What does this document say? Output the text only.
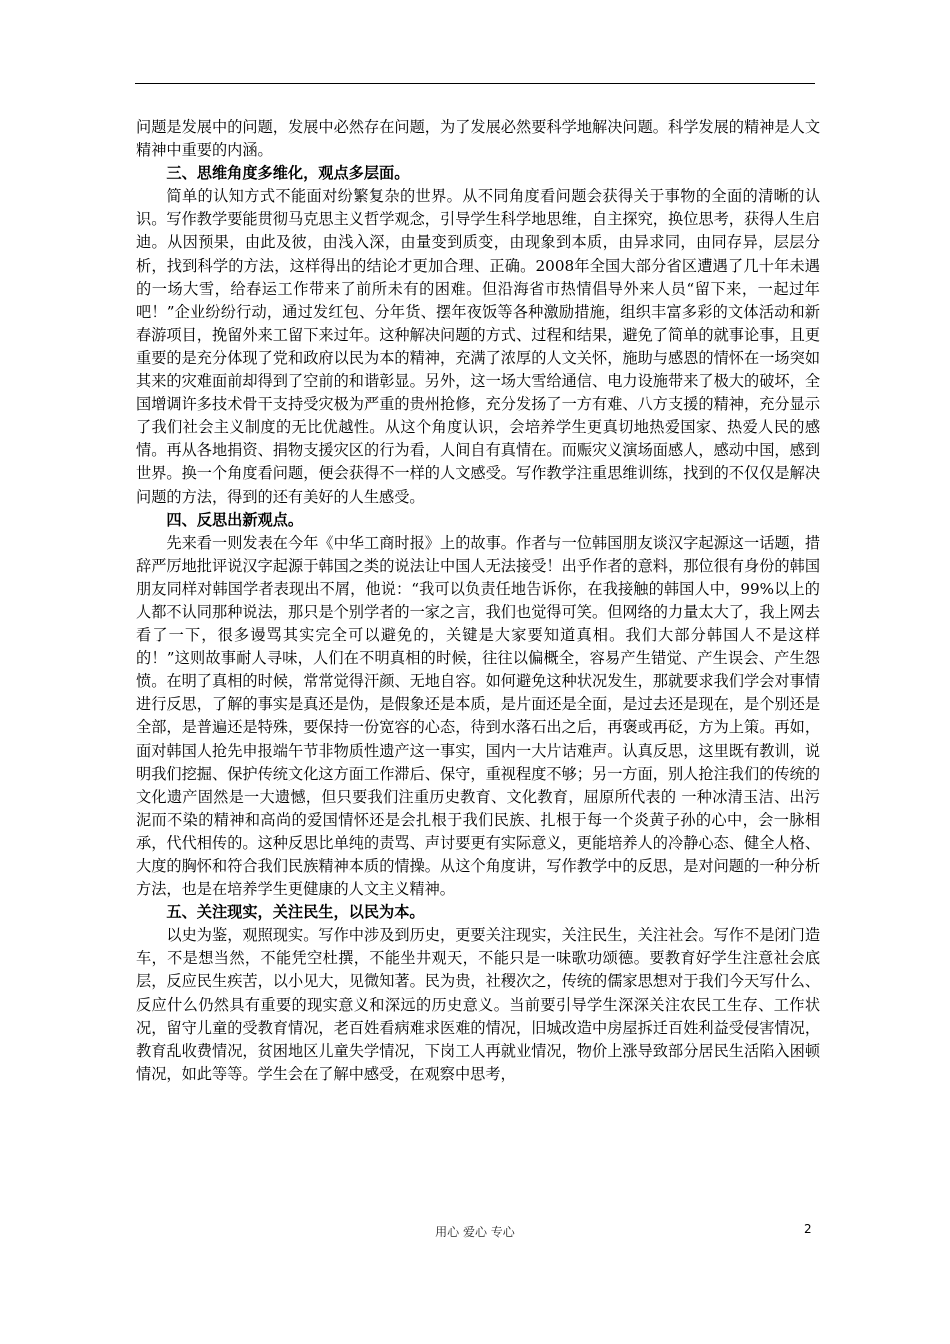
问题是发展中的问题，发展中必然存在问题，为了发展必然要科学地解决问题。科学发展的精神是人文精神中重要的内涵。

三、思维角度多维化，观点多层面。

简单的认知方式不能面对纷繁复杂的世界。从不同角度看问题会获得关于事物的全面的清晰的认识。写作教学要能贯彻马克思主义哲学观念，引导学生科学地思维，自主探究，换位思考，获得人生启迪。从因预果，由此及彼，由浅入深，由量变到质变，由现象到本质，由异求同，由同存异，层层分析，找到科学的方法，这样得出的结论才更加合理、正确。2008年全国大部分省区遭遇了几十年未遇的一场大雪，给春运工作带来了前所未有的困难。但沿海省市热情倡导外来人员“留下来，一起过年吧！”企业纷纷行动，通过发红包、分年货、摆年夜饭等各种激励措施，组织丰富多彩的文体活动和新春游项目，挽留外来工留下来过年。这种解决问题的方式、过程和结果，避免了简单的就事论事，且更重要的是充分体现了党和政府以民为本的精神，充满了浓厚的人文关怀，施助与感恩的情怀在一场突如其来的灾难面前却得到了空前的和谐彰显。另外，这一场大雪给通信、电力设施带来了极大的破坏，全国增调许多技术骨干支持受灾极为严重的贵州抢修，充分发扬了一方有难、八方支援的精神，充分显示了我们社会主义制度的无比优越性。从这个角度认识，会培养学生更真切地热爱国家、热爱人民的感情。再从各地捐资、捐物支援灾区的行为看，人间自有真情在。而赈灾义演场面感人，感动中国，感到世界。换一个角度看问题，便会获得不一样的人文感受。写作教学注重思维训练，找到的不仅仅是解决问题的方法，得到的还有美好的人生感受。

四、反思出新观点。

先来看一则发表在今年《中华工商时报》上的故事。作者与一位韩国朋友谈汉字起源这一话题，措辞严厉地批评说汉字起源于韩国之类的说法让中国人无法接受！出乎作者的意料，那位很有身份的韩国朋友同样对韩国学者表现出不屑，他说：“我可以负责任地告诉你，在我接触的韩国人中，99%以上的人都不认同那种说法，那只是个别学者的一家之言，我们也觉得可笑。但网络的力量太大了，我上网去看了一下，很多谩骂其实完全可以避免的，关键是大家要知道真相。我们大部分韩国人不是这样的！”这则故事耐人寻味，人们在不明真相的时候，往往以偏概全，容易产生错觉、产生误会、产生怨愤。在明了真相的时候，常常觉得汗颜、无地自容。如何避免这种状况发生，那就要求我们学会对事情进行反思，了解的事实是真还是伪，是假象还是本质，是片面还是全面，是过去还是现在，是个别还是全部，是普遍还是特殊，要保持一份宽容的心态，待到水落石出之后，再褒或再砭，方为上策。再如，面对韩国人抢先申报端午节非物质性遗产这一事实，国内一大片诘难声。认真反思，这里既有教训，说明我们挖掘、保护传统文化这方面工作滞后、保守，重视程度不够；另一方面，别人抢注我们的传统的文化遗产固然是一大遗憾，但只要我们注重历史教育、文化教育，屈原所代表的 一种冰清玉洁、出污泥而不染的精神和高尚的爱国情怀还是会扎根于我们民族、扎根于每一个炎黄子孙的心中，会一脉相承，代代相传的。这种反思比单纯的责骂、声讨要更有实际意义，更能培养人的冷静心态、健全人格、大度的胸怀和符合我们民族精神本质的情操。从这个角度讲，写作教学中的反思，是对问题的一种分析方法，也是在培养学生更健康的人文主义精神。

五、关注现实，关注民生，以民为本。

以史为鉴，观照现实。写作中涉及到历史，更要关注现实，关注民生，关注社会。写作不是闭门造车，不是想当然，不能凭空杜撰，不能坐井观天，不能只是一味歌功颂德。要教育好学生注意社会底层，反应民生疾苦，以小见大，见微知著。民为贵，社稷次之，传统的儒家思想对于我们今天写什么、反应什么仍然具有重要的现实意义和深远的历史意义。当前要引导学生深深关注农民工生存、工作状况，留守儿童的受教育情况，老百姓看病难求医难的情况，旧城改造中房屋拆迁百姓利益受侵害情况，教育乱收费情况，贫困地区儿童失学情况，下岗工人再就业情况，物价上涨导致部分居民生活陷入困顿情况，如此等等。学生会在了解中感受，在观察中思考，

用心 爱心 专心	2
